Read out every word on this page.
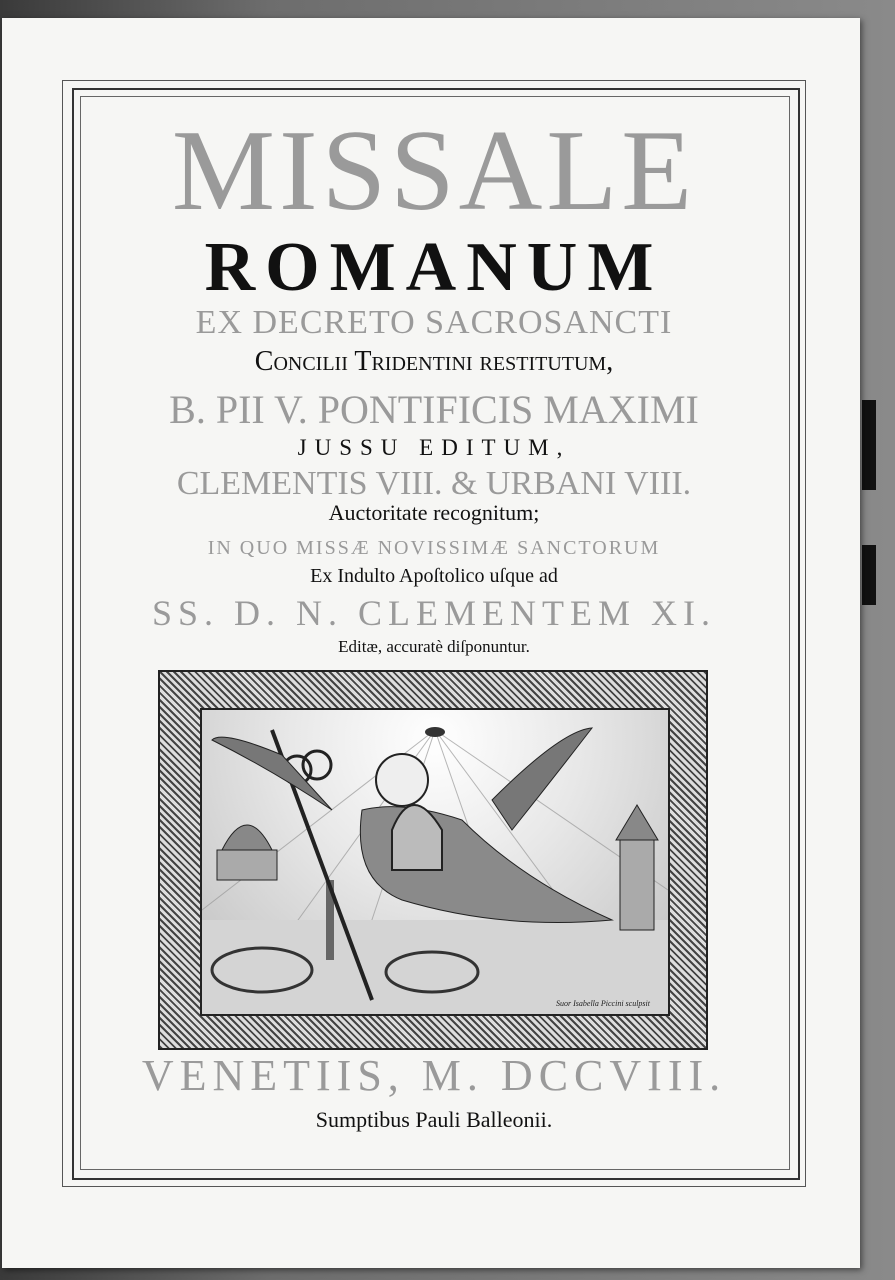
MISSALE
ROMANUM
EX DECRETO SACROSANCTI
Concilii Tridentini reſtitutum,
B. PII V. PONTIFICIS MAXIMI
JUSSU EDITUM,
CLEMENTIS VIII. & URBANI VIII.
Auctoritate recognitum;
IN QUO MISSÆ NOVISSIMÆ SANCTORUM
Ex Indulto Apoſtolico uſque ad
SS. D. N. CLEMENTEM XI.
Editæ, accuratè diſponuntur.
Suor Isabella Piccini sculpsit
VENETIIS, M. DCCVIII.
Sumptibus Pauli Balleonii.
